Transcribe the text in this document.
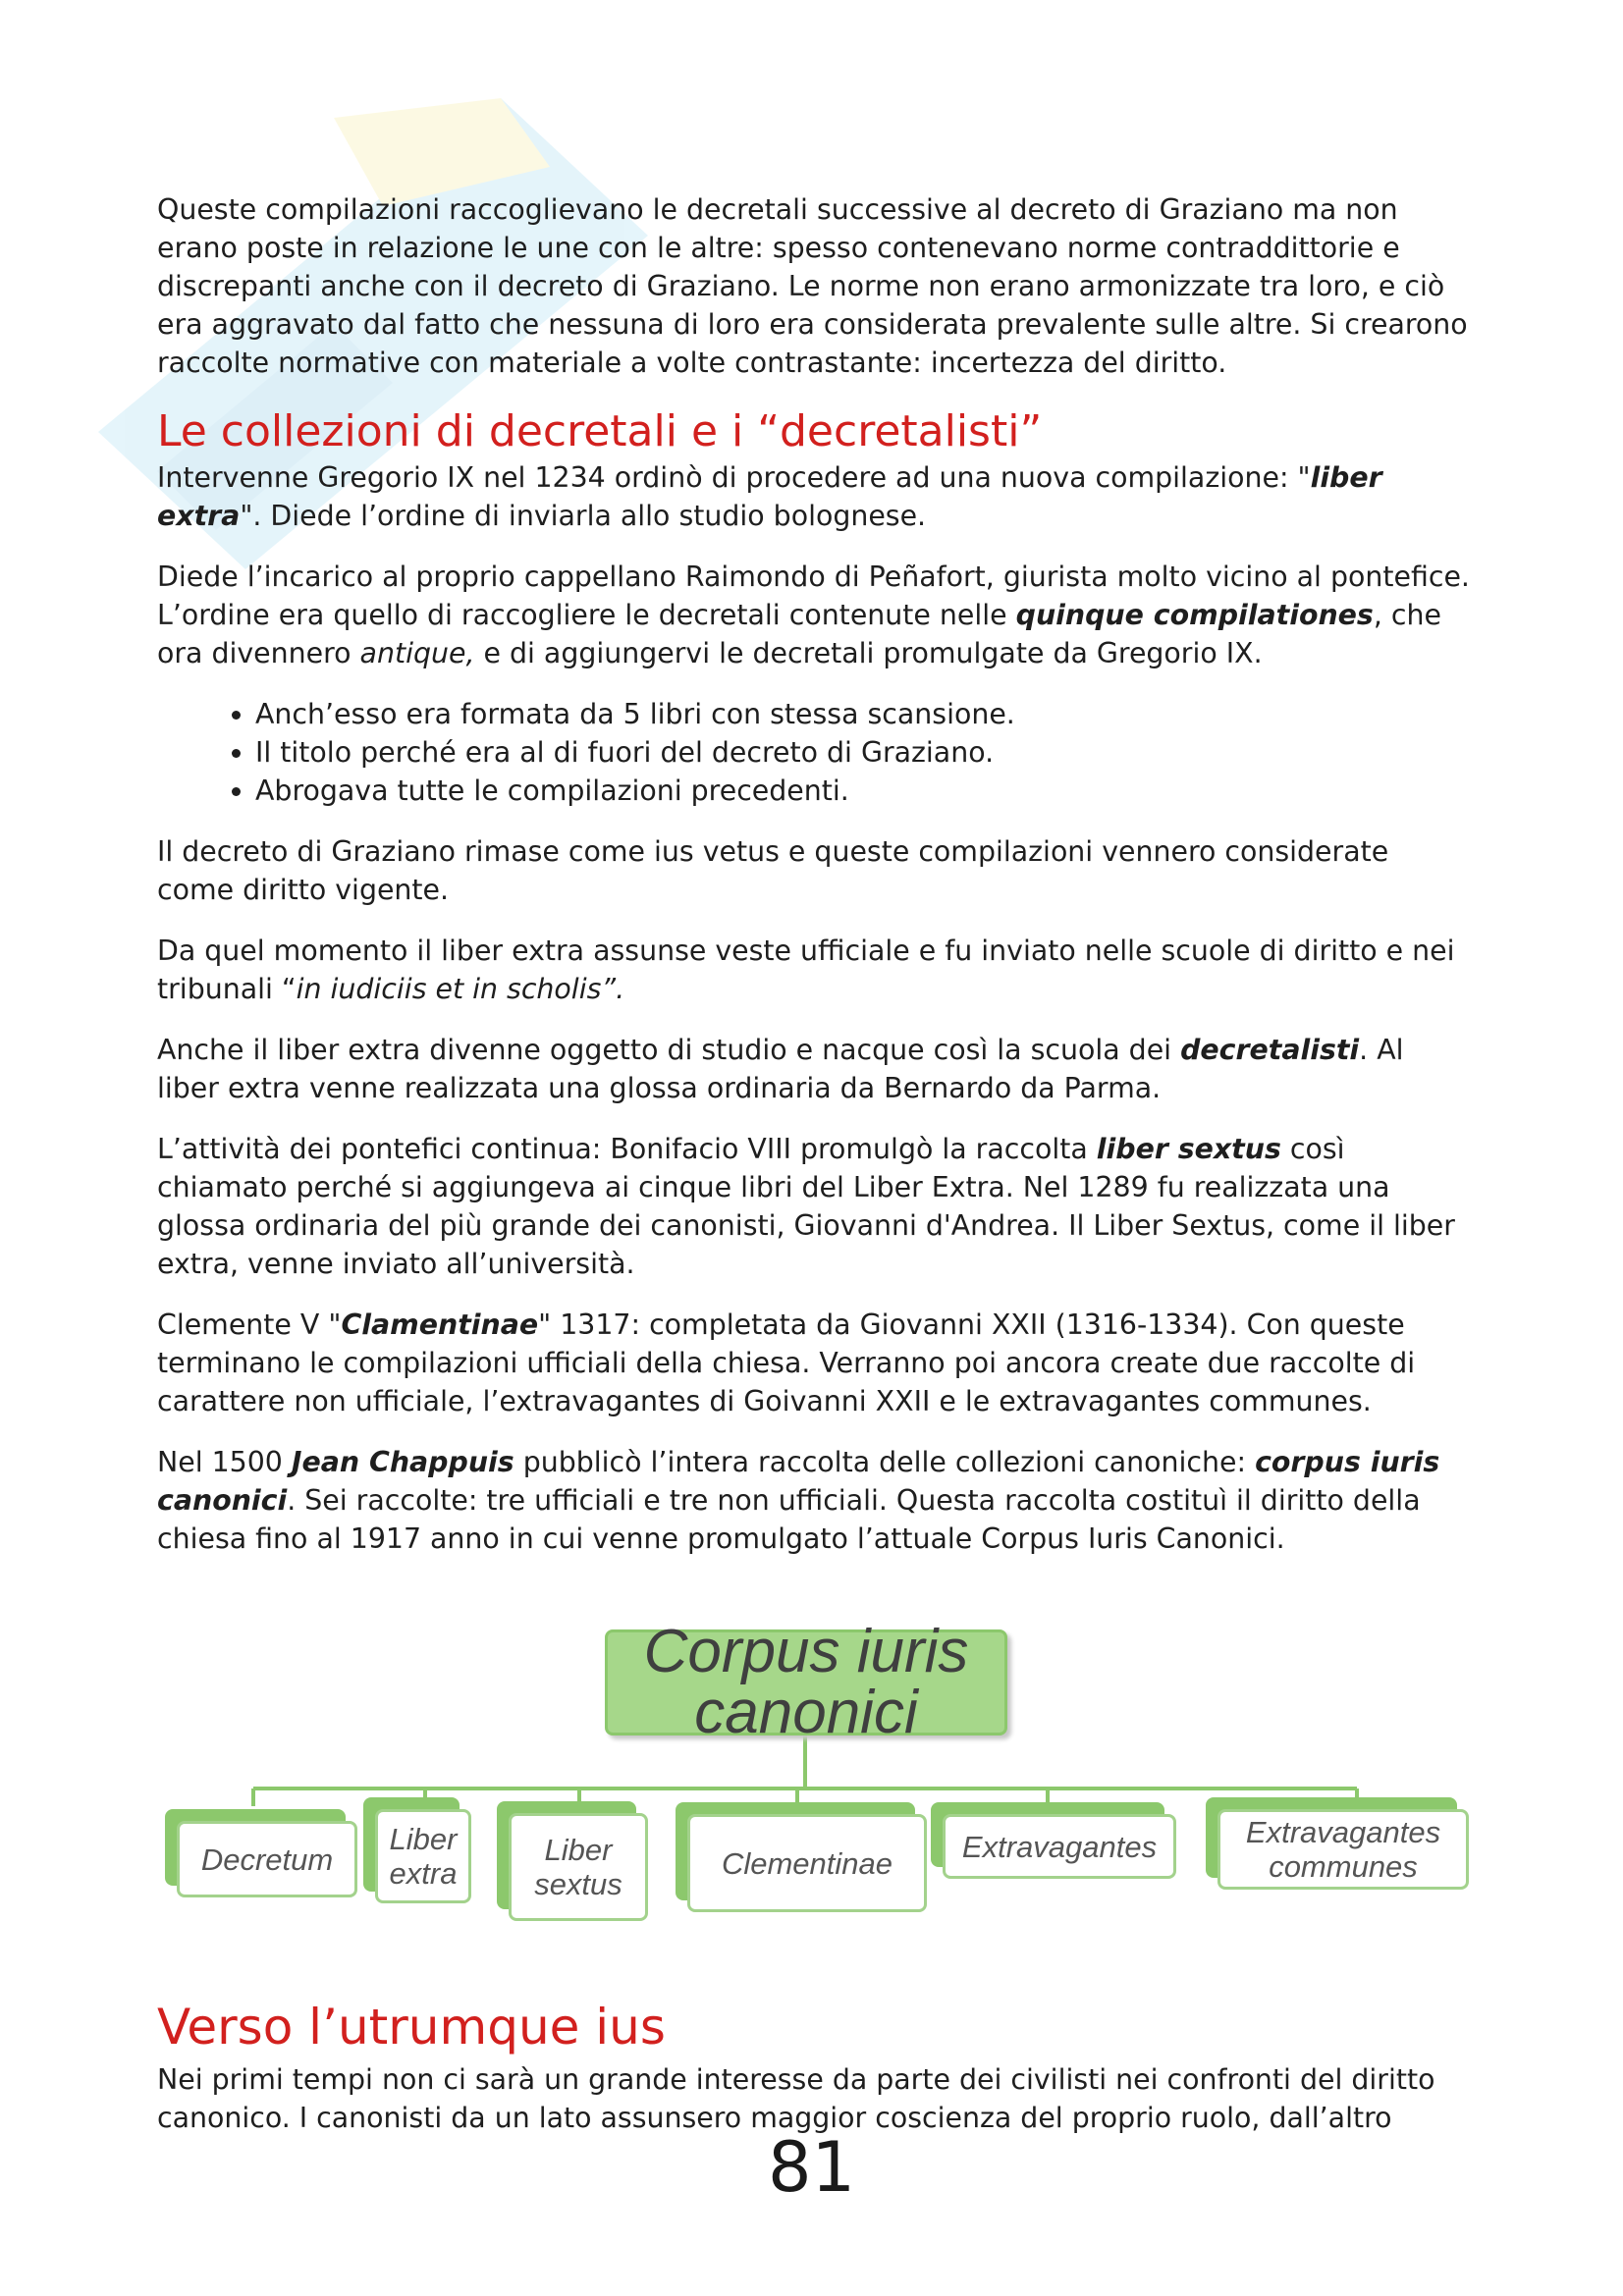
Queste compilazioni raccoglievano le decretali successive al decreto di Graziano ma non erano poste in relazione le une con le altre: spesso contenevano norme contraddittorie e discrepanti anche con il decreto di Graziano. Le norme non erano armonizzate tra loro, e ciò era aggravato dal fatto che nessuna di loro era considerata prevalente sulle altre. Si crearono raccolte normative con materiale a volte contrastante: incertezza del diritto.

Le collezioni di decretali e i “decretalisti”

Intervenne Gregorio IX nel 1234 ordinò di procedere ad una nuova compilazione: "liber extra". Diede l’ordine di inviarla allo studio bolognese.

Diede l’incarico al proprio cappellano Raimondo di Peñafort, giurista molto vicino al pontefice. L’ordine era quello di raccogliere le decretali contenute nelle quinque compilationes, che ora divennero antique, e di aggiungervi le decretali promulgate da Gregorio IX.

• Anch’esso era formata da 5 libri con stessa scansione.
• Il titolo perché era al di fuori del decreto di Graziano.
• Abrogava tutte le compilazioni precedenti.

Il decreto di Graziano rimase come ius vetus e queste compilazioni vennero considerate come diritto vigente.

Da quel momento il liber extra assunse veste ufficiale e fu inviato nelle scuole di diritto e nei tribunali “in iudiciis et in scholis”.

Anche il liber extra divenne oggetto di studio e nacque così la scuola dei decretalisti. Al liber extra venne realizzata una glossa ordinaria da Bernardo da Parma.

L’attività dei pontefici continua: Bonifacio VIII promulgò la raccolta liber sextus così chiamato perché si aggiungeva ai cinque libri del Liber Extra. Nel 1289 fu realizzata una glossa ordinaria del più grande dei canonisti, Giovanni d'Andrea. Il Liber Sextus, come il liber extra, venne inviato all’università.

Clemente V "Clamentinae" 1317: completata da Giovanni XXII (1316-1334). Con queste terminano le compilazioni ufficiali della chiesa. Verranno poi ancora create due raccolte di carattere non ufficiale, l’extravagantes di Goivanni XXII e le extravagantes communes.

Nel 1500 Jean Chappuis pubblicò l’intera raccolta delle collezioni canoniche: corpus iuris canonici. Sei raccolte: tre ufficiali e tre non ufficiali. Questa raccolta costituì il diritto della chiesa fino al 1917 anno in cui venne promulgato l’attuale Corpus Iuris Canonici.

Corpus iuris canonici
Decretum
Liber extra
Liber sextus
Clementinae	Extravagantes	Extravagantes communes
Verso l’utrumque ius

Nei primi tempi non ci sarà un grande interesse da parte dei civilisti nei confronti del diritto canonico. I canonisti da un lato assunsero maggior coscienza del proprio ruolo, dall’altro

81
